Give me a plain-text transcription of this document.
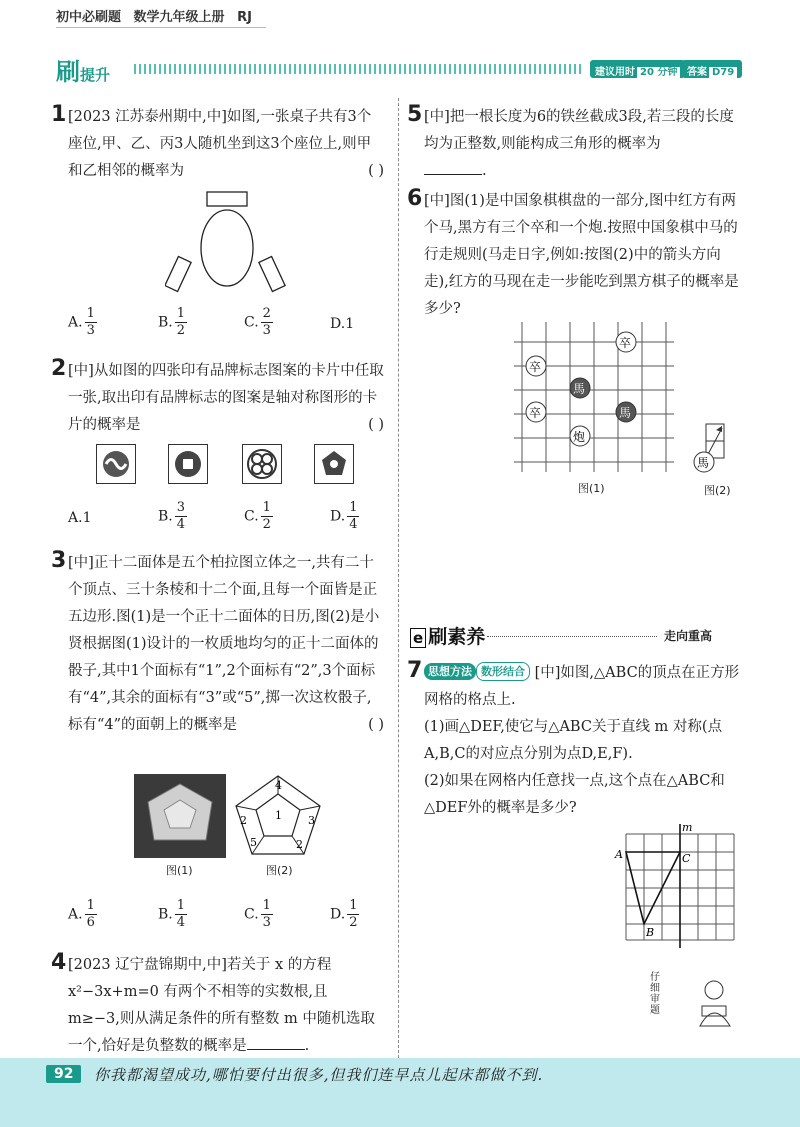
初中必刷题 数学九年级上册 RJ
刷提升	建议用时 20 分钟 答案 D79
1 [2023 江苏泰州期中,中]如图,一张桌子共有3个座位,甲、乙、丙3人随机坐到这3个座位上,则甲和乙相邻的概率为	( )
A. $\frac{1}{3}$	B. $\frac{1}{2}$	C. $\frac{2}{3}$	D.1
2 [中]从如图的四张印有品牌标志图案的卡片中任取一张,取出印有品牌标志的图案是轴对称图形的卡片的概率是	( )
A.1	B. $\frac{3}{4}$	C. $\frac{1}{2}$	D. $\frac{1}{4}$
3 [中]正十二面体是五个柏拉图立体之一,共有二十个顶点、三十条棱和十二个面,且每一个面皆是正五边形.图(1)是一个正十二面体的日历,图(2)是小贤根据图(1)设计的一枚质地均匀的正十二面体的骰子,其中1个面标有“1”,2个面标有“2”,3个面标有“4”,其余的面标有“3”或“5”,掷一次这枚骰子,标有“4”的面朝上的概率是	( )
4
2	1 3
5	2
图(1)	图(2)
A. $\frac{1}{6}$	B. $\frac{1}{4}$	C. $\frac{1}{3}$	D. $\frac{1}{2}$
4 [2023 辽宁盘锦期中,中]若关于 x 的方程 x²−3x+m=0 有两个不相等的实数根,且 m≥−3,则从满足条件的所有整数 m 中随机选取一个,恰好是负整数的概率是	.
5 [中]把一根长度为6的铁丝截成3段,若三段的长度均为正整数,则能构成三角形的概率为
.
6 [中]图(1)是中国象棋棋盘的一部分,图中红方有两个马,黑方有三个卒和一个炮.按照中国象棋中马的行走规则(马走日字,例如:按图(2)中的箭头方向走),红方的马现在走一步能吃到黑方棋子的概率是多少?
卒
卒
馬
卒	馬
炮
馬
图(1)	图(2)
e 刷素养	走向重高
7 思想方法 数形结合 [中]如图,△ABC的顶点在正方形网格的格点上.
(1)画△DEF,使它与△ABC关于直线 m 对称(点A,B,C的对应点分别为点D,E,F).
(2)如果在网格内任意找一点,这个点在△ABC和△DEF外的概率是多少?
A	C
B
m
仔细审题
92	你我都渴望成功,哪怕要付出很多,但我们连早点儿起床都做不到.
